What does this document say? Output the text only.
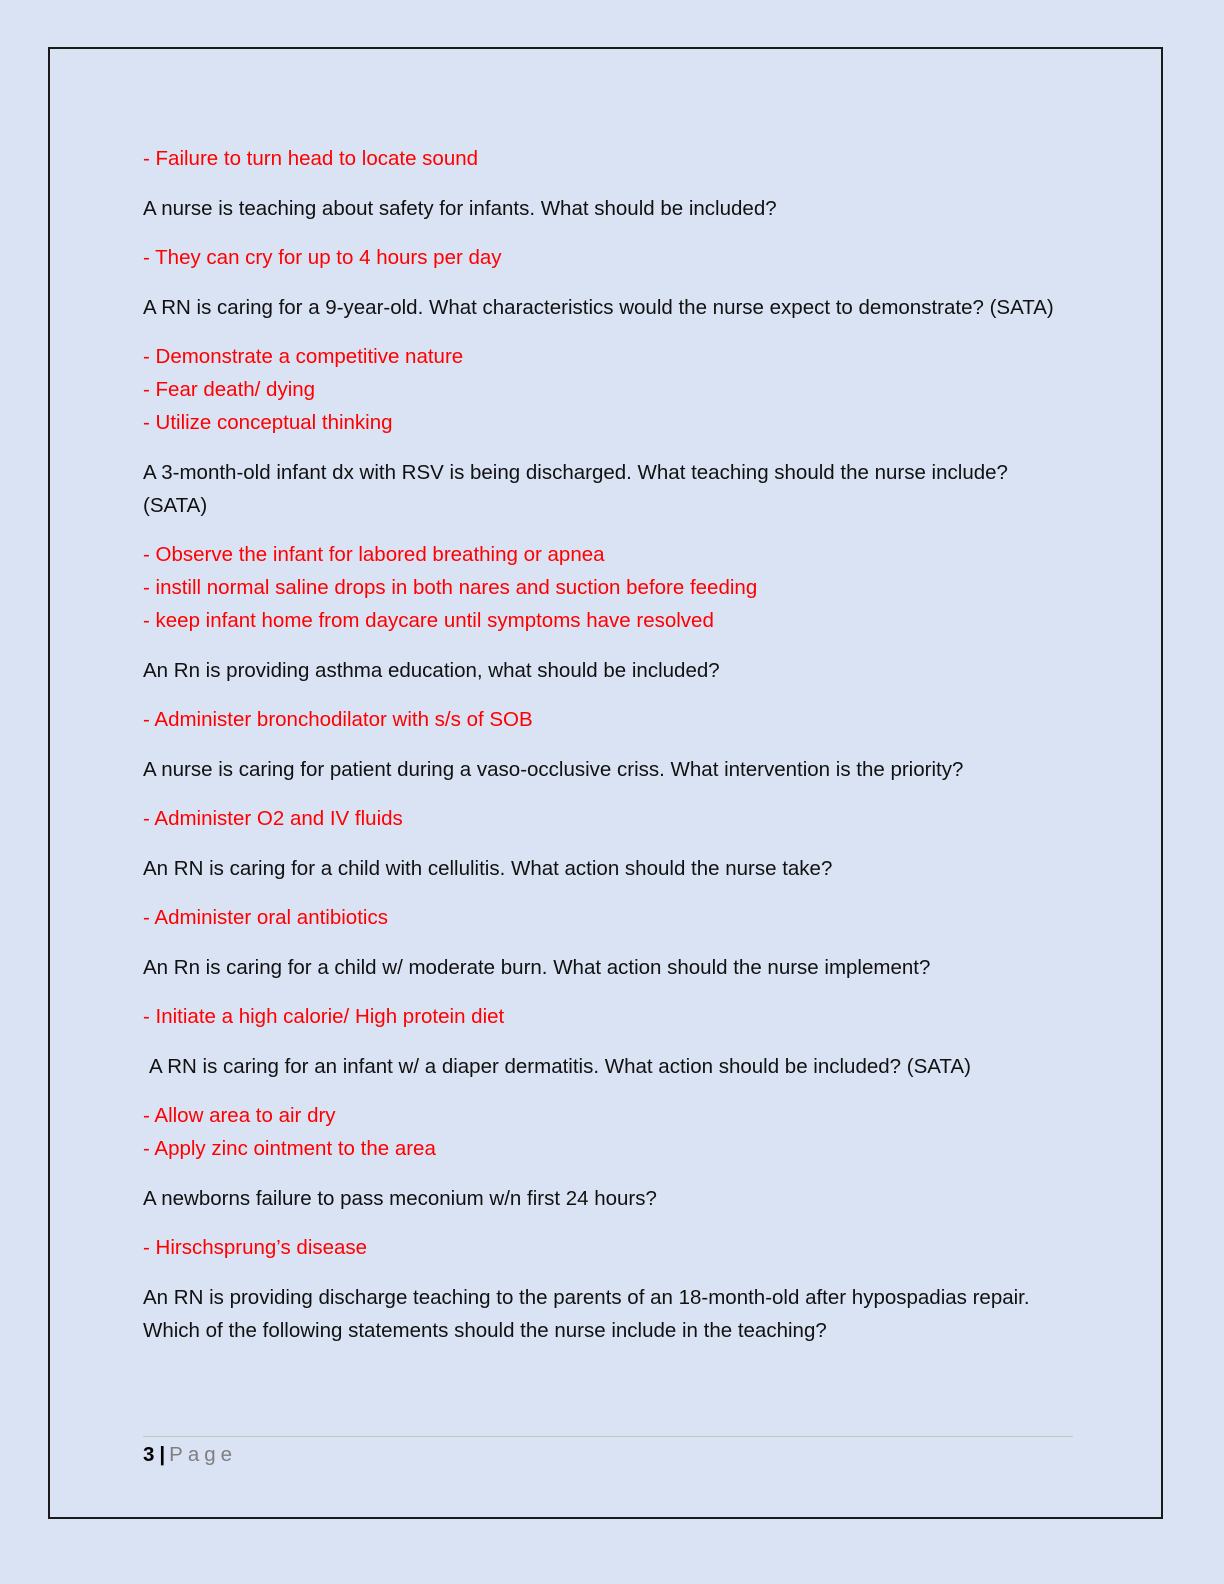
- Failure to turn head to locate sound
A nurse is teaching about safety for infants. What should be included?
- They can cry for up to 4 hours per day
A RN is caring for a 9-year-old. What characteristics would the nurse expect to demonstrate? (SATA)
- Demonstrate a competitive nature
- Fear death/ dying
- Utilize conceptual thinking
A 3-month-old infant dx with RSV is being discharged. What teaching should the nurse include? (SATA)
- Observe the infant for labored breathing or apnea
- instill normal saline drops in both nares and suction before feeding
- keep infant home from daycare until symptoms have resolved
An Rn is providing asthma education, what should be included?
- Administer bronchodilator with s/s of SOB
A nurse is caring for patient during a vaso-occlusive criss. What intervention is the priority?
- Administer O2 and IV fluids
An RN is caring for a child with cellulitis. What action should the nurse take?
- Administer oral antibiotics
An Rn is caring for a child w/ moderate burn. What action should the nurse implement?
- Initiate a high calorie/ High protein diet
A RN is caring for an infant w/ a diaper dermatitis. What action should be included? (SATA)
- Allow area to air dry
- Apply zinc ointment to the area
A newborns failure to pass meconium w/n first 24 hours?
- Hirschsprung’s disease
An RN is providing discharge teaching to the parents of an 18-month-old after hypospadias repair. Which of the following statements should the nurse include in the teaching?
3 | Page
